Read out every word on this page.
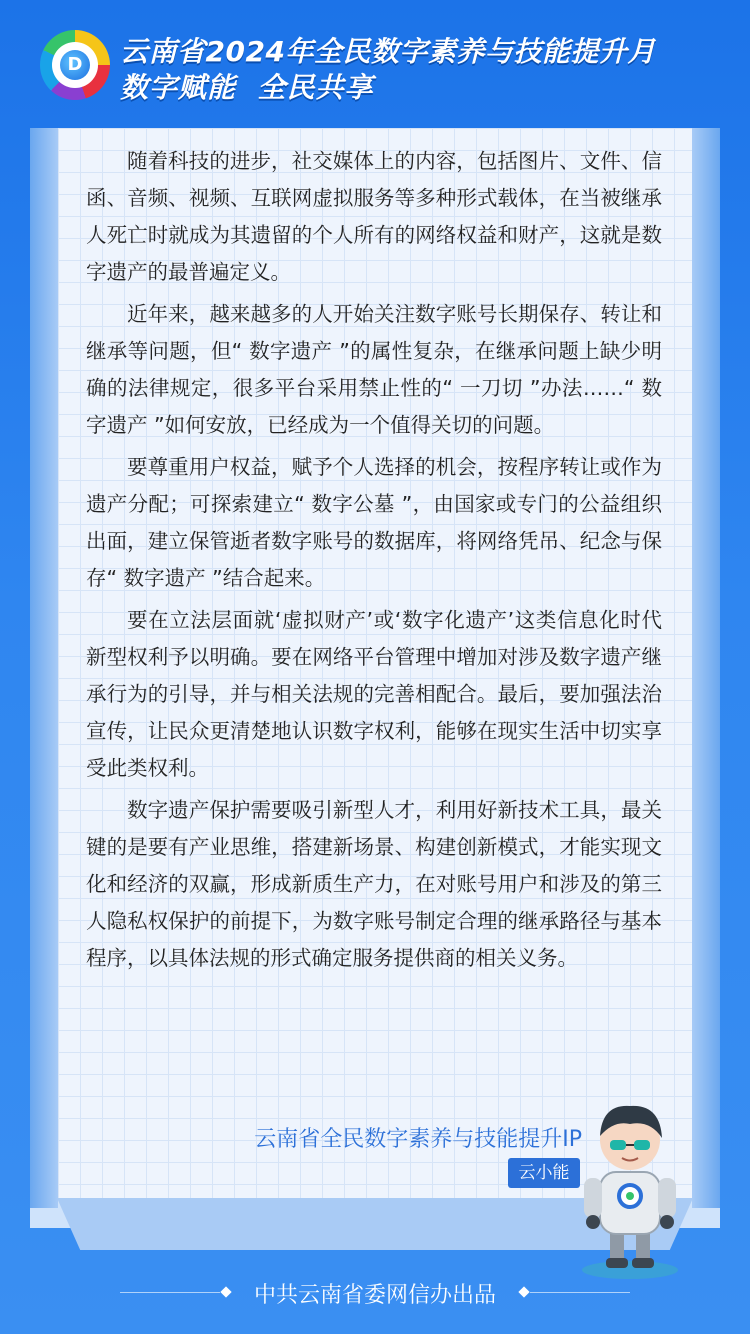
D 云南省2024年全民数字素养与技能提升月
数字赋能  全民共享

随着科技的进步，社交媒体上的内容，包括图片、文件、信函、音频、视频、互联网虚拟服务等多种形式载体，在当被继承人死亡时就成为其遗留的个人所有的网络权益和财产，这就是数字遗产的最普遍定义。

近年来，越来越多的人开始关注数字账号长期保存、转让和继承等问题，但“ 数字遗产 ”的属性复杂，在继承问题上缺少明确的法律规定，很多平台采用禁止性的“ 一刀切 ”办法……“ 数字遗产 ”如何安放，已经成为一个值得关切的问题。

要尊重用户权益，赋予个人选择的机会，按程序转让或作为遗产分配；可探索建立“ 数字公墓 ”，由国家或专门的公益组织出面，建立保管逝者数字账号的数据库，将网络凭吊、纪念与保存“ 数字遗产 ”结合起来。

要在立法层面就‘虚拟财产’或‘数字化遗产’这类信息化时代新型权利予以明确。要在网络平台管理中增加对涉及数字遗产继承行为的引导，并与相关法规的完善相配合。最后，要加强法治宣传，让民众更清楚地认识数字权利，能够在现实生活中切实享受此类权利。

数字遗产保护需要吸引新型人才，利用好新技术工具，最关键的是要有产业思维，搭建新场景、构建创新模式，才能实现文化和经济的双赢，形成新质生产力，在对账号用户和涉及的第三人隐私权保护的前提下，为数字账号制定合理的继承路径与基本程序，以具体法规的形式确定服务提供商的相关义务。

云南省全民数字素养与技能提升IP
云小能
中共云南省委网信办出品
